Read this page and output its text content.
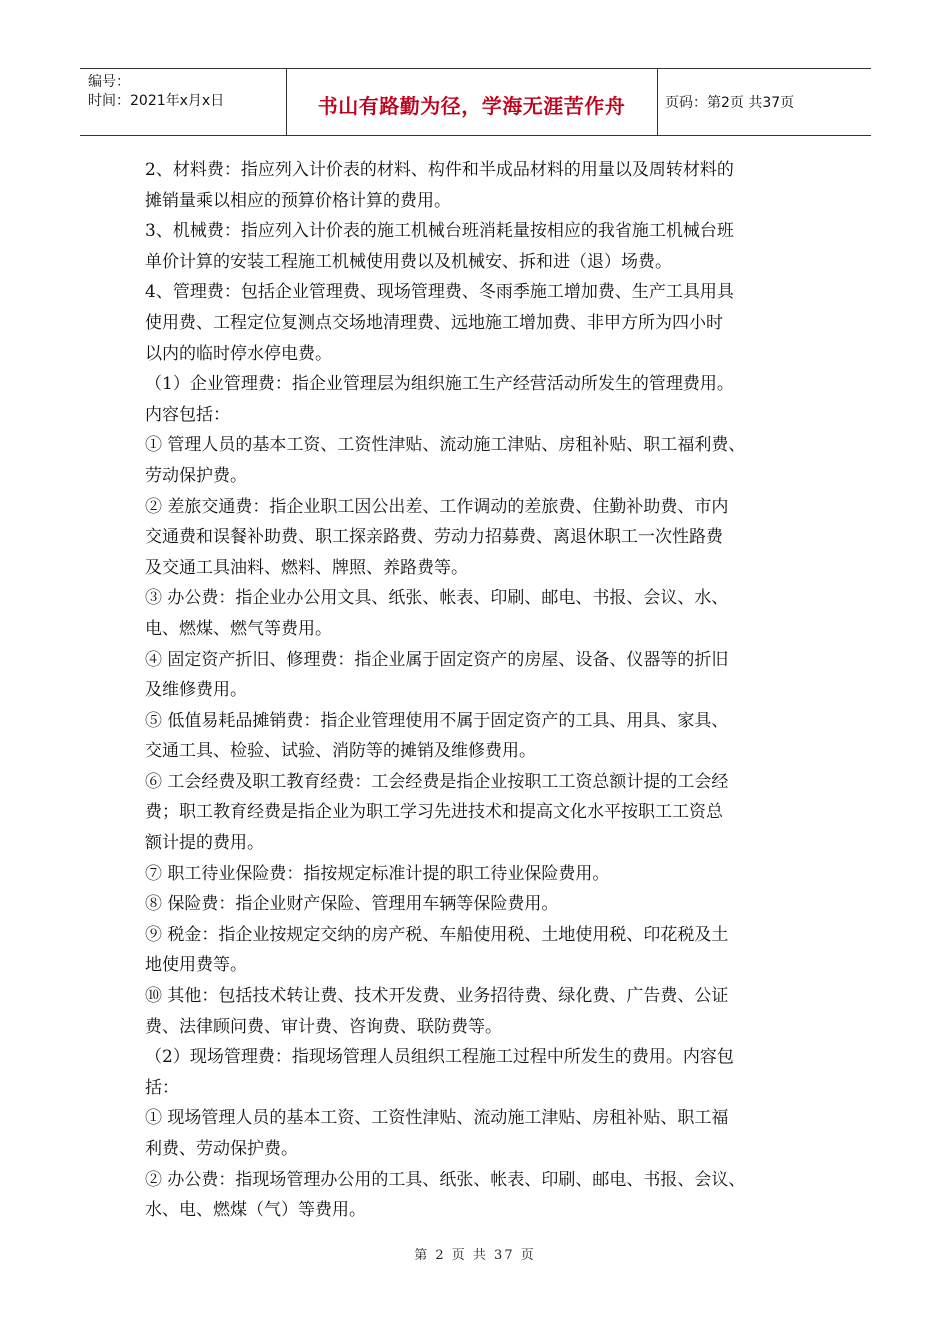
编号：
时间：2021年x月x日	书山有路勤为径，学海无涯苦作舟	页码：第2页 共37页
2、材料费：指应列入计价表的材料、构件和半成品材料的用量以及周转材料的
摊销量乘以相应的预算价格计算的费用。
3、机械费：指应列入计价表的施工机械台班消耗量按相应的我省施工机械台班
单价计算的安装工程施工机械使用费以及机械安、拆和进（退）场费。
4、管理费：包括企业管理费、现场管理费、冬雨季施工增加费、生产工具用具
使用费、工程定位复测点交场地清理费、远地施工增加费、非甲方所为四小时
以内的临时停水停电费。
（1）企业管理费：指企业管理层为组织施工生产经营活动所发生的管理费用。
内容包括：
① 管理人员的基本工资、工资性津贴、流动施工津贴、房租补贴、职工福利费、
劳动保护费。
② 差旅交通费：指企业职工因公出差、工作调动的差旅费、住勤补助费、市内
交通费和误餐补助费、职工探亲路费、劳动力招募费、离退休职工一次性路费
及交通工具油料、燃料、牌照、养路费等。
③ 办公费：指企业办公用文具、纸张、帐表、印刷、邮电、书报、会议、水、
电、燃煤、燃气等费用。
④ 固定资产折旧、修理费：指企业属于固定资产的房屋、设备、仪器等的折旧
及维修费用。
⑤ 低值易耗品摊销费：指企业管理使用不属于固定资产的工具、用具、家具、
交通工具、检验、试验、消防等的摊销及维修费用。
⑥ 工会经费及职工教育经费：工会经费是指企业按职工工资总额计提的工会经
费；职工教育经费是指企业为职工学习先进技术和提高文化水平按职工工资总
额计提的费用。
⑦ 职工待业保险费：指按规定标准计提的职工待业保险费用。
⑧ 保险费：指企业财产保险、管理用车辆等保险费用。
⑨ 税金：指企业按规定交纳的房产税、车船使用税、土地使用税、印花税及土
地使用费等。
⑩ 其他：包括技术转让费、技术开发费、业务招待费、绿化费、广告费、公证
费、法律顾问费、审计费、咨询费、联防费等。
（2）现场管理费：指现场管理人员组织工程施工过程中所发生的费用。内容包
括：
① 现场管理人员的基本工资、工资性津贴、流动施工津贴、房租补贴、职工福
利费、劳动保护费。
② 办公费：指现场管理办公用的工具、纸张、帐表、印刷、邮电、书报、会议、
水、电、燃煤（气）等费用。
第 2 页 共 37 页
